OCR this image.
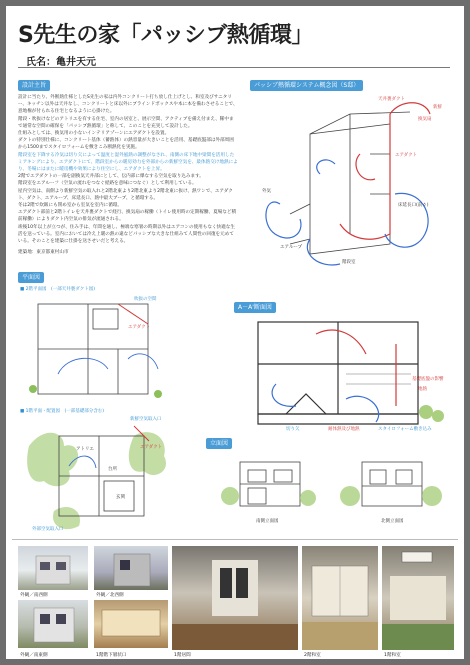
S先生の家「パッシブ熱循環」
氏名：亀井天元
設計主旨

設計に当たり、外断熱仕様としたS先生の家は内外コンクリート打ち放し仕上げとし、和室及びサニタリー、キッチン以外は天井なし、コンクリートと床以外にブラインドボックスや本に本を備わさせることで、意地権が付られる住宅となるように心掛けた。

階段・吹抜けなどのアトリエを有する住宅、室内の居室と、展示空間、アクティブを備え付まえ、稀中まで通常な空間の確保を「パッシブ熱循環」と称して、このことを充実して設計した。

仕組みとしては、換気用の小ないインテリアゾーンにエアダクトを設置。

ダクトの特別仕様に、コンクリート基体（蓄熱体）の熱容量が大きいことを活用、基礎底盤部は外部周囲から1500までスタイロフォームを敷きこみ断熱化を実施。

階段室を下降する冷気は切り欠によって温度と湿外風熱の調整がなされ、南側の床下地中梁間を活用したミアキングにより、エアダクトにて、階段室からの暖房効力を外部からの新鮮空気を、最体熱交け地熱により、冬場にはまたに暖房機や効果により住空にし、エアダクトを上昇。

2階でエアダクトの一部を副換気天井部にとして、伝内部に爆なする空気を取り込みます。

階段室をエアルーフ（空気の流れをつなぐ経路を意味につなぐ）として利用している。

屋内空気は、南側より新鮮空気の取入れと2階北東より2階北東より2階北東に抜け、熱ワンで、エアダクト、ダクト、エアループ、床延長口、熱中最大ブーブ、と循環する。

冬は2階で炊飯にも閉め室から室気を室内に循環。

エアダクト部前と2階トイレを天井裏ダクトで経行、換気扇の稼働（トイレ使用時の定期稼働、夏場など積前稼働）によりダクト内空気の排気が流通される。

竣後10年以上が立つが、住み手は、年間を通し、極端な寒暑の時期以外はエアコンの使用もなく快適な生活を送っている。室内においては冷え上暖の熱の違などパッシブな大きな仕組みて人間性の回復を元めている。そのことを建築に仕掛を送させいだと考える。

建築地：東京都東村山市

パッシブ熱循環システム概念図（S邸）
天井裏ダクト
換気扇
新鮮
外気
エアダクト
エアループ
床延長口(前々)
階段室
平面図
■ 2階平面図　(一部天井裏ダクト図)
吹抜の空間
エアダクト
■ 1階平面・配置図　(一部基礎部分含む)
新鮮空気取入口
アトリエ
台所
玄関
エアダクト
外部空気取入口
A－A'断面図
基礎底盤の影響
地熱
切り欠	耐体熱及び地熱	スタイロフォーム敷き込み
立面図
南側立面図	北側立面図
外観／南西側	外観／北西側
1階居間	2階和室	1階和室
外観／南東側	1階階下層状口
